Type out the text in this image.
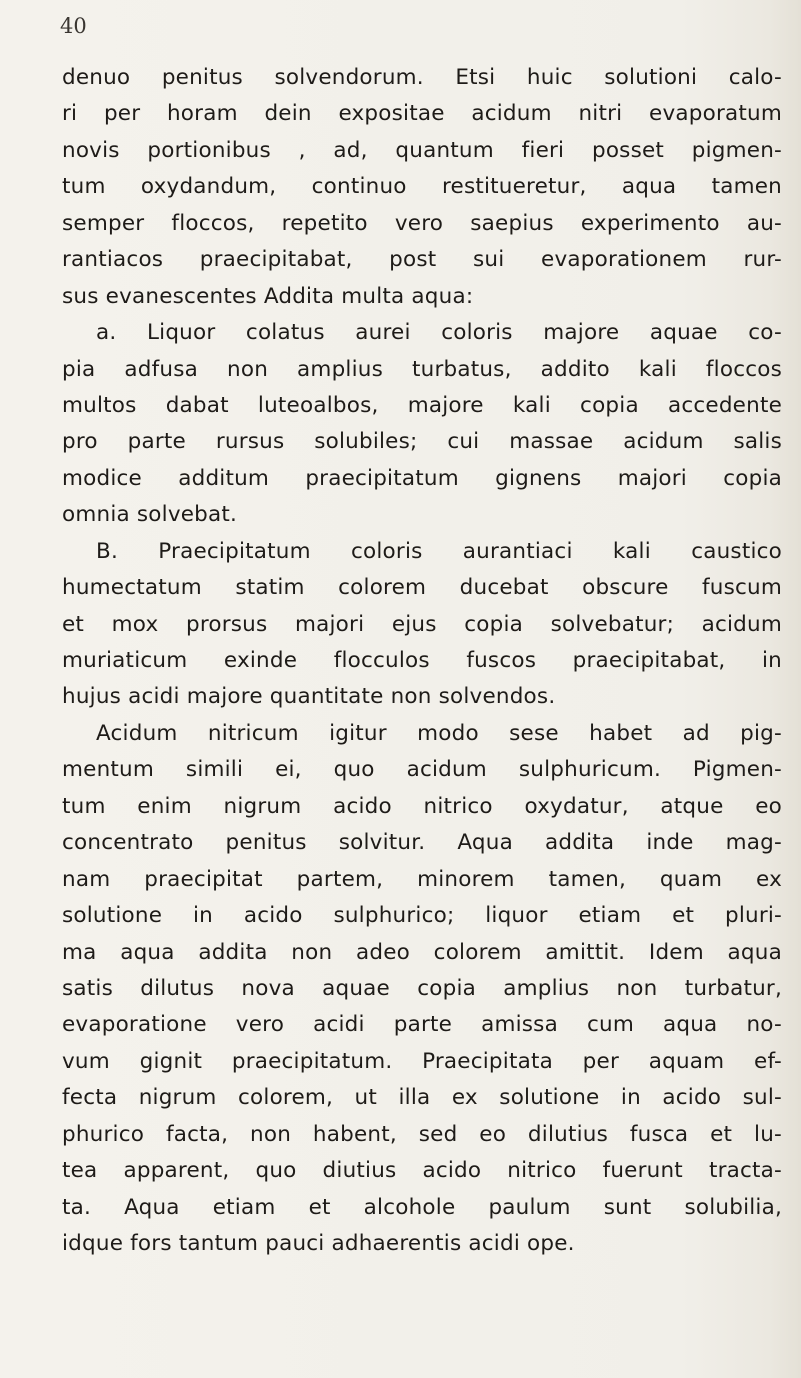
40
denuo penitus solvendorum. Etsi huic solutioni calo-
ri per horam dein expositae acidum nitri evaporatum
novis portionibus , ad, quantum fieri posset pigmen-
tum oxydandum, continuo restitueretur, aqua tamen
semper floccos, repetito vero saepius experimento au-
rantiacos praecipitabat, post sui evaporationem rur-
sus evanescentes Addita multa aqua:
a. Liquor colatus aurei coloris majore aquae co-
pia adfusa non amplius turbatus, addito kali floccos
multos dabat luteoalbos, majore kali copia accedente
pro parte rursus solubiles; cui massae acidum salis
modice additum praecipitatum gignens majori copia
omnia solvebat.
B. Praecipitatum coloris aurantiaci kali caustico
humectatum statim colorem ducebat obscure fuscum
et mox prorsus majori ejus copia solvebatur; acidum
muriaticum exinde flocculos fuscos praecipitabat, in
hujus acidi majore quantitate non solvendos.
Acidum nitricum igitur modo sese habet ad pig-
mentum simili ei, quo acidum sulphuricum. Pigmen-
tum enim nigrum acido nitrico oxydatur, atque eo
concentrato penitus solvitur. Aqua addita inde mag-
nam praecipitat partem, minorem tamen, quam ex
solutione in acido sulphurico; liquor etiam et pluri-
ma aqua addita non adeo colorem amittit. Idem aqua
satis dilutus nova aquae copia amplius non turbatur,
evaporatione vero acidi parte amissa cum aqua no-
vum gignit praecipitatum. Praecipitata per aquam ef-
fecta nigrum colorem, ut illa ex solutione in acido sul-
phurico facta, non habent, sed eo dilutius fusca et lu-
tea apparent, quo diutius acido nitrico fuerunt tracta-
ta. Aqua etiam et alcohole paulum sunt solubilia,
idque fors tantum pauci adhaerentis acidi ope.
